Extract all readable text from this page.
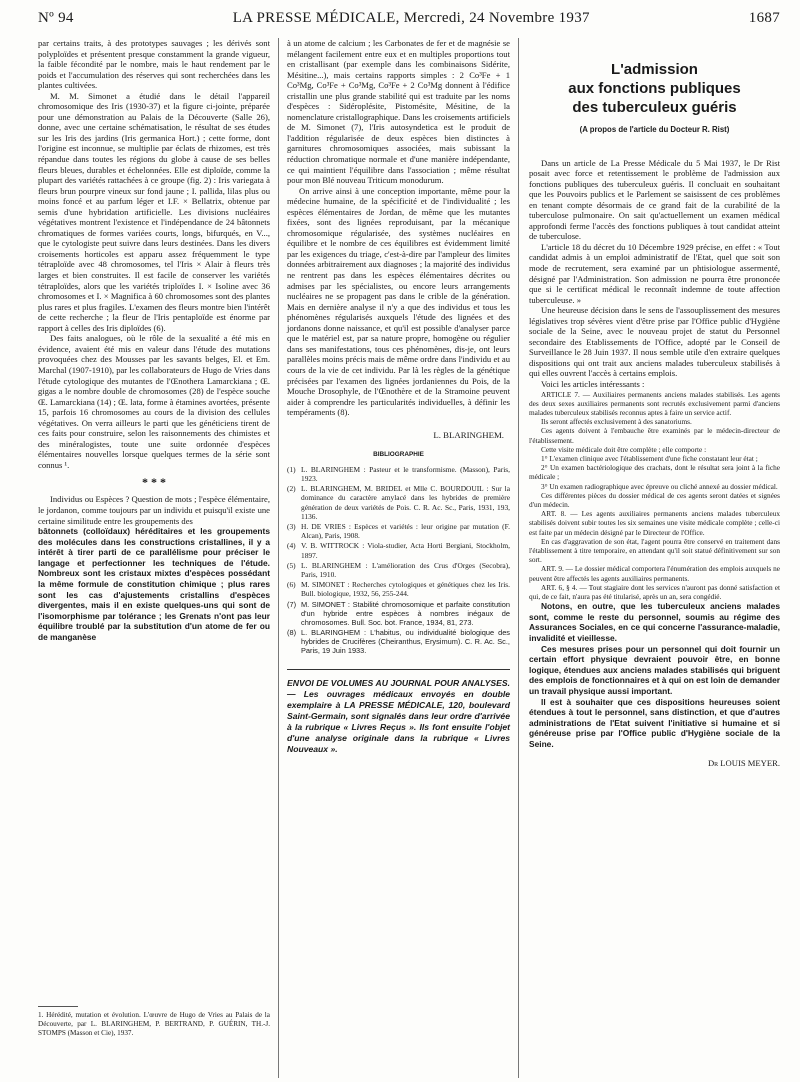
Nº 94	LA PRESSE MÉDICALE, Mercredi, 24 Novembre 1937	1687

par certains traits, à des prototypes sauvages ; les dérivés sont polyploïdes et présentent presque constamment la grande vigueur, la faible fécondité par le nombre, mais le haut rendement par le poids et l'accumulation des réserves qui sont recherchées dans les plantes cultivées.

M. M. Simonet a étudié dans le détail l'appareil chromosomique des Iris (1930-37) et la figure ci-jointe, préparée pour une démonstration au Palais de la Découverte (Salle 26), donne, avec une certaine schématisation, le résultat de ses études sur les Iris des jardins (Iris germanica Hort.) ; cette forme, dont l'origine est inconnue, se multiplie par éclats de rhizomes, est très répandue dans toutes les régions du globe à cause de ses belles fleurs bleues, durables et échelonnées. Elle est diploïde, comme la plupart des variétés rattachées à ce groupe (fig. 2) : Iris variegata à fleurs brun pourpre vineux sur fond jaune ; I. pallida, lilas plus ou moins foncé et au parfum léger et I.F. × Bellatrix, obtenue par semis d'une hybridation artificielle. Les divisions nucléaires végétatives montrent l'existence et l'indépendance de 24 bâtonnets chromatiques de formes variées courts, longs, bifurqués, en V..., que le cytologiste peut suivre dans leurs destinées. Dans les divers croisements horticoles est apparu assez fréquemment le type tétraploïde avec 48 chromosomes, tel l'Iris × Alair à fleurs très larges et bien construites. Il est facile de conserver les variétés tétraploïdes, alors que les variétés triploïdes I. × Isoline avec 36 chromosomes et I. × Magnifica à 60 chromosomes sont des plantes plus rares et plus fragiles. L'examen des fleurs montre bien l'intérêt de cette recherche ; la fleur de l'Iris pentaploïde est énorme par rapport à celles des Iris diploïdes (6).

Des faits analogues, où le rôle de la sexualité a été mis en évidence, avaient été mis en valeur dans l'étude des mutations provoquées chez des Mousses par les savants belges, El. et Em. Marchal (1907-1910), par les collaborateurs de Hugo de Vries dans l'étude cytologique des mutantes de l'Œnothera Lamarckiana ; Œ. gigas a le nombre double de chromosomes (28) de l'espèce souche Œ. Lamarckiana (14) ; Œ. lata, forme à étamines avortées, présente 15, parfois 16 chromosomes au cours de la division des cellules végétatives. On verra ailleurs le parti que les généticiens tirent de ces faits pour construire, selon les raisonnements des chimistes et des minéralogistes, toute une suite ordonnée d'espèces élémentaires nouvelles lorsque quelques termes de la série sont connus ¹.

* * *

Individus ou Espèces ? Question de mots ; l'espèce élémentaire, le jordanon, comme toujours par un individu et puisqu'il existe une certaine similitude entre les groupements des

bâtonnets (colloïdaux) héréditaires et les groupements des molécules dans les constructions cristallines, il y a intérêt à tirer parti de ce parallélisme pour préciser le langage et perfectionner les techniques de l'étude. Nombreux sont les cristaux mixtes d'espèces possédant la même formule de constitution chimique ; plus rares sont les cas d'ajustements cristallins d'espèces divergentes, mais il en existe quelques-uns qui sont de l'isomorphisme par tolérance ; les Grenats n'ont pas leur équilibre troublé par la substitution d'un atome de fer ou de manganèse

1. Hérédité, mutation et évolution. L'œuvre de Hugo de Vries au Palais de la Découverte, par L. BLARINGHEM, P. BERTRAND, P. GUÉRIN, TH.-J. STOMPS (Masson et Cie), 1937.

à un atome de calcium ; les Carbonates de fer et de magnésie se mélangent facilement entre eux et en multiples proportions tout en cristallisant (par exemple dans les combinaisons Sidérite, Mésitine...), mais certains rapports simples : 2 Co³Fe + 1 Co³Mg, Co³Fe + Co³Mg, Co³Fe + 2 Co³Mg donnent à l'édifice cristallin une plus grande stabilité qui est traduite par les noms d'espèces : Sidéroplésite, Pistomésite, Mésitine, de la nomenclature cristallographique. Dans les croisements artificiels de M. Simonet (7), l'Iris autosyndetica est le produit de l'addition régularisée de deux espèces bien distinctes à garnitures chromosomiques associées, mais subissant la réduction chromatique normale et d'une manière indépendante, ce qui maintient l'équilibre dans l'association ; même résultat pour mon Blé nouveau Triticum monodurum.

On arrive ainsi à une conception importante, même pour la médecine humaine, de la spécificité et de l'individualité ; les espèces élémentaires de Jordan, de même que les mutantes fixées, sont des lignées reproduisant, par la mécanique chromosomique régularisée, des systèmes nucléaires en équilibre et le nombre de ces équilibres est évidemment limité par les exigences du triage, c'est-à-dire par l'ampleur des limites données arbitrairement aux diagnoses ; la majorité des individus ne rentrent pas dans les espèces élémentaires décrites ou admises par les spécialistes, ou encore leurs arrangements nucléaires ne se propagent pas dans le crible de la génération. Mais en dernière analyse il n'y a que des individus et tous les phénomènes régularisés auxquels l'étude des lignées et des jordanons donne naissance, et qu'il est possible d'analyser parce que le matériel est, par sa nature propre, homogène ou régulier dans ses manifestations, tous ces phénomènes, dis-je, ont leurs parallèles moins précis mais de même ordre dans l'individu et au cours de la vie de cet individu. Par là les règles de la génétique précisées par l'examen des lignées jordaniennes du Pois, de la Mouche Drosophyle, de l'Œnothère et de la Stramoine peuvent aider à comprendre les particularités individuelles, à définir les tempéraments (8).

L. BLARINGHEM.
BIBLIOGRAPHIE

(1) L. BLARINGHEM : Pasteur et le transformisme. (Masson), Paris, 1923.

(2) L. BLARINGHEM, M. BRIDEL et Mlle C. BOURDOUIL : Sur la dominance du caractère amylacé dans les hybrides de première génération de deux variétés de Pois. C. R. Ac. Sc., Paris, 1931, 193, 1136.

(3) H. DE VRIES : Espèces et variétés : leur origine par mutation (F. Alcan), Paris, 1908.

(4) V. B. WITTROCK : Viola-studier, Acta Horti Bergiani, Stockholm, 1897.

(5) L. BLARINGHEM : L'amélioration des Crus d'Orges (Secobra), Paris, 1910.

(6) M. SIMONET : Recherches cytologiques et génétiques chez les Iris. Bull. biologique, 1932, 56, 255-244.

(7) M. SIMONET : Stabilité chromosomique et parfaite constitution d'un hybride entre espèces à nombres inégaux de chromosomes. Bull. Soc. bot. France, 1934, 81, 273.

(8) L. BLARINGHEM : L'habitus, ou individualité biologique des hybrides de Crucifères (Cheiranthus, Erysimum). C. R. Ac. Sc., Paris, 19 Juin 1933.

ENVOI DE VOLUMES AU JOURNAL POUR ANALYSES. — Les ouvrages médicaux envoyés en double exemplaire à LA PRESSE MÉDICALE, 120, boulevard Saint-Germain, sont signalés dans leur ordre d'arrivée à la rubrique « Livres Reçus ». Ils font ensuite l'objet d'une analyse originale dans la rubrique « Livres Nouveaux ».
L'admission
aux fonctions publiques
des tuberculeux guéris
(A propos de l'article du Docteur R. Rist)

Dans un article de La Presse Médicale du 5 Mai 1937, le Dr Rist posait avec force et retentissement le problème de l'admission aux fonctions publiques des tuberculeux guéris. Il concluait en souhaitant que les Pouvoirs publics et le Parlement se saisissent de ces problèmes en tenant compte désormais de ce grand fait de la curabilité de la tuberculose pulmonaire. On sait qu'actuellement un examen médical approfondi ferme l'accès des fonctions publiques à tout candidat atteint de tuberculose.

L'article 18 du décret du 10 Décembre 1929 précise, en effet : « Tout candidat admis à un emploi administratif de l'Etat, quel que soit son mode de recrutement, sera examiné par un phtisiologue assermenté, désigné par l'Administration. Son admission ne pourra être prononcée que si le certificat médical le reconnaît indemne de toute affection tuberculeuse. »

Une heureuse décision dans le sens de l'assouplissement des mesures législatives trop sévères vient d'être prise par l'Office public d'Hygiène sociale de la Seine, avec le nouveau projet de statut du Personnel secondaire des Etablissements de l'Office, adopté par le Conseil de Surveillance le 28 Juin 1937. Il nous semble utile d'en extraire quelques dispositions qui ont trait aux anciens malades tuberculeux stabilisés à qui elles ouvrent l'accès à certains emplois.

Voici les articles intéressants :

ARTICLE 7. — Auxiliaires permanents anciens malades stabilisés. Les agents des deux sexes auxiliaires permanents sont recrutés exclusivement parmi d'anciens malades tuberculeux stabilisés reconnus aptes à faire un service actif.

Ils seront affectés exclusivement à des sanatoriums.

Ces agents doivent à l'embauche être examinés par le médecin-directeur de l'établissement.

Cette visite médicale doit être complète ; elle comporte :

1° L'examen clinique avec l'établissement d'une fiche constatant leur état ;

2° Un examen bactériologique des crachats, dont le résultat sera joint à la fiche médicale ;

3° Un examen radiographique avec épreuve ou cliché annexé au dossier médical.

Ces différentes pièces du dossier médical de ces agents seront datées et signées d'un médecin.

ART. 8. — Les agents auxiliaires permanents anciens malades tuberculeux stabilisés doivent subir toutes les six semaines une visite médicale complète ; celle-ci est faite par un médecin désigné par le Directeur de l'Office.

En cas d'aggravation de son état, l'agent pourra être conservé en traitement dans l'établissement à titre temporaire, en attendant qu'il soit statué définitivement sur son sort.

ART. 9. — Le dossier médical comportera l'énumération des emplois auxquels ne peuvent être affectés les agents auxiliaires permanents.

ART. 6, § 4. — Tout stagiaire dont les services n'auront pas donné satisfaction et qui, de ce fait, n'aura pas été titularisé, après un an, sera congédié.

Notons, en outre, que les tuberculeux anciens malades sont, comme le reste du personnel, soumis au régime des Assurances Sociales, en ce qui concerne l'assurance-maladie, invalidité et vieillesse.

Ces mesures prises pour un personnel qui doit fournir un certain effort physique devraient pouvoir être, en bonne logique, étendues aux anciens malades stabilisés qui briguent des emplois de fonctionnaires et à qui on est loin de demander un travail physique aussi important.

Il est à souhaiter que ces dispositions heureuses soient étendues à tout le personnel, sans distinction, et que d'autres administrations de l'Etat suivent l'initiative si humaine et si généreuse prise par l'Office public d'Hygiène sociale de la Seine.

Dr LOUIS MEYER.
